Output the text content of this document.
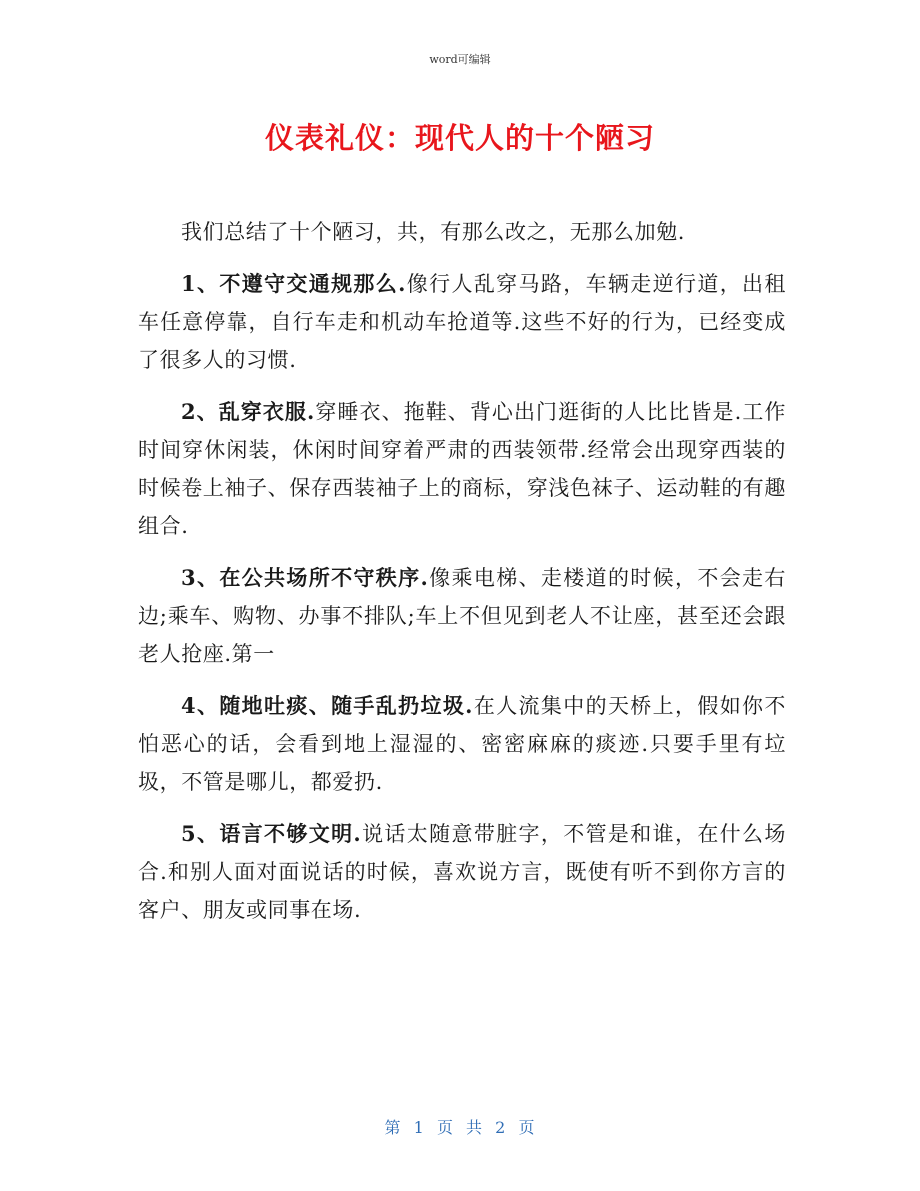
word可编辑
仪表礼仪：现代人的十个陋习

我们总结了十个陋习，共，有那么改之，无那么加勉.

1、不遵守交通规那么.像行人乱穿马路，车辆走逆行道，出租车任意停靠，自行车走和机动车抢道等.这些不好的行为，已经变成了很多人的习惯.

2、乱穿衣服.穿睡衣、拖鞋、背心出门逛街的人比比皆是.工作时间穿休闲装，休闲时间穿着严肃的西装领带.经常会出现穿西装的时候卷上袖子、保存西装袖子上的商标，穿浅色袜子、运动鞋的有趣组合.

3、在公共场所不守秩序.像乘电梯、走楼道的时候，不会走右边;乘车、购物、办事不排队;车上不但见到老人不让座，甚至还会跟老人抢座.第一

4、随地吐痰、随手乱扔垃圾.在人流集中的天桥上，假如你不怕恶心的话，会看到地上湿湿的、密密麻麻的痰迹.只要手里有垃圾，不管是哪儿，都爱扔.

5、语言不够文明.说话太随意带脏字，不管是和谁，在什么场合.和别人面对面说话的时候，喜欢说方言，既使有听不到你方言的客户、朋友或同事在场.

第 1 页 共 2 页
